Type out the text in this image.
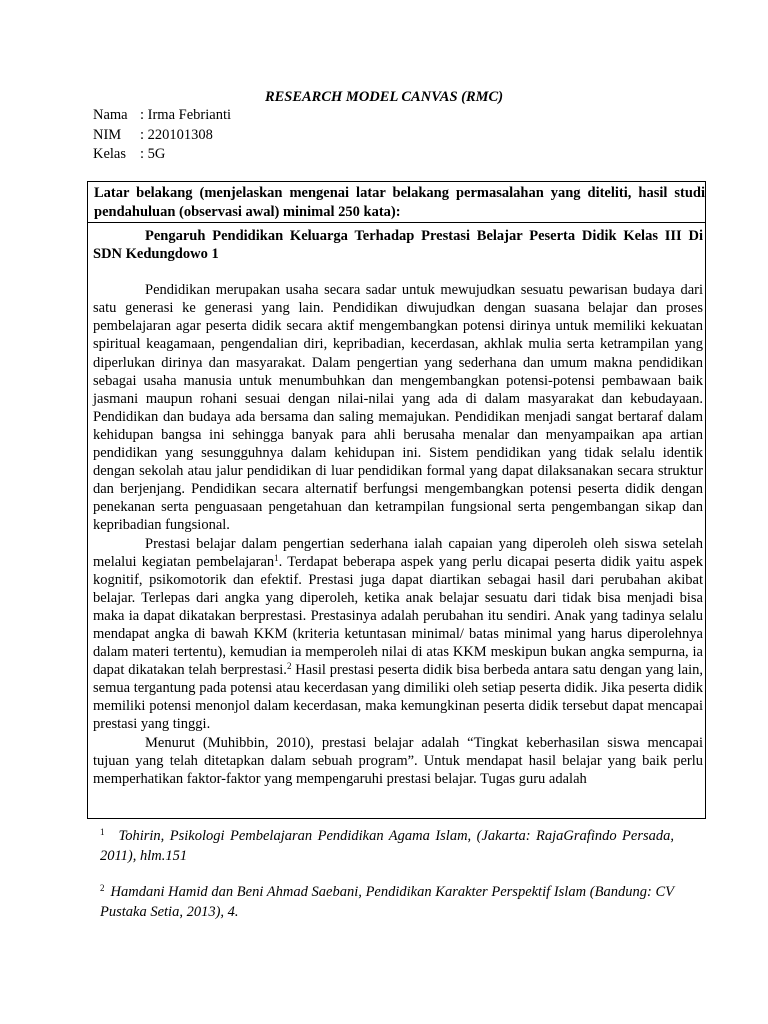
RESEARCH MODEL CANVAS (RMC)
Nama : Irma Febrianti
NIM	: 220101308
Kelas : 5G
Latar belakang (menjelaskan mengenai latar belakang permasalahan yang diteliti, hasil studi pendahuluan (observasi awal) minimal 250 kata):

Pengaruh Pendidikan Keluarga Terhadap Prestasi Belajar Peserta Didik Kelas III Di SDN Kedungdowo 1

Pendidikan merupakan usaha secara sadar untuk mewujudkan sesuatu pewarisan budaya dari satu generasi ke generasi yang lain. Pendidikan diwujudkan dengan suasana belajar dan proses pembelajaran agar peserta didik secara aktif mengembangkan potensi dirinya untuk memiliki kekuatan spiritual keagamaan, pengendalian diri, kepribadian, kecerdasan, akhlak mulia serta ketrampilan yang diperlukan dirinya dan masyarakat. Dalam pengertian yang sederhana dan umum makna pendidikan sebagai usaha manusia untuk menumbuhkan dan mengembangkan potensi-potensi pembawaan baik jasmani maupun rohani sesuai dengan nilai-nilai yang ada di dalam masyarakat dan kebudayaan. Pendidikan dan budaya ada bersama dan saling memajukan. Pendidikan menjadi sangat bertaraf dalam kehidupan bangsa ini sehingga banyak para ahli berusaha menalar dan menyampaikan apa artian pendidikan yang sesungguhnya dalam kehidupan ini. Sistem pendidikan yang tidak selalu identik dengan sekolah atau jalur pendidikan di luar pendidikan formal yang dapat dilaksanakan secara struktur dan berjenjang. Pendidikan secara alternatif berfungsi mengembangkan potensi peserta didik dengan penekanan serta penguasaan pengetahuan dan ketrampilan fungsional serta pengembangan sikap dan kepribadian fungsional.

Prestasi belajar dalam pengertian sederhana ialah capaian yang diperoleh oleh siswa setelah melalui kegiatan pembelajaran$^1$. Terdapat beberapa aspek yang perlu dicapai peserta didik yaitu aspek kognitif, psikomotorik dan efektif. Prestasi juga dapat diartikan sebagai hasil dari perubahan akibat belajar. Terlepas dari angka yang diperoleh, ketika anak belajar sesuatu dari tidak bisa menjadi bisa maka ia dapat dikatakan berprestasi. Prestasinya adalah perubahan itu sendiri. Anak yang tadinya selalu mendapat angka di bawah KKM (kriteria ketuntasan minimal/ batas minimal yang harus diperolehnya dalam materi tertentu), kemudian ia memperoleh nilai di atas KKM meskipun bukan angka sempurna, ia dapat dikatakan telah berprestasi.$^2$ Hasil prestasi peserta didik bisa berbeda antara satu dengan yang lain, semua tergantung pada potensi atau kecerdasan yang dimiliki oleh setiap peserta didik. Jika peserta didik memiliki potensi menonjol dalam kecerdasan, maka kemungkinan peserta didik tersebut dapat mencapai prestasi yang tinggi.

Menurut (Muhibbin, 2010), prestasi belajar adalah “Tingkat keberhasilan siswa mencapai tujuan yang telah ditetapkan dalam sebuah program”. Untuk mendapat hasil belajar yang baik perlu memperhatikan faktor-faktor yang mempengaruhi prestasi belajar. Tugas guru adalah

$^1$ Tohirin, Psikologi Pembelajaran Pendidikan Agama Islam, (Jakarta: RajaGrafindo Persada, 2011), hlm.151

$^2$ Hamdani Hamid dan Beni Ahmad Saebani, Pendidikan Karakter Perspektif Islam (Bandung: CV Pustaka Setia, 2013), 4.
